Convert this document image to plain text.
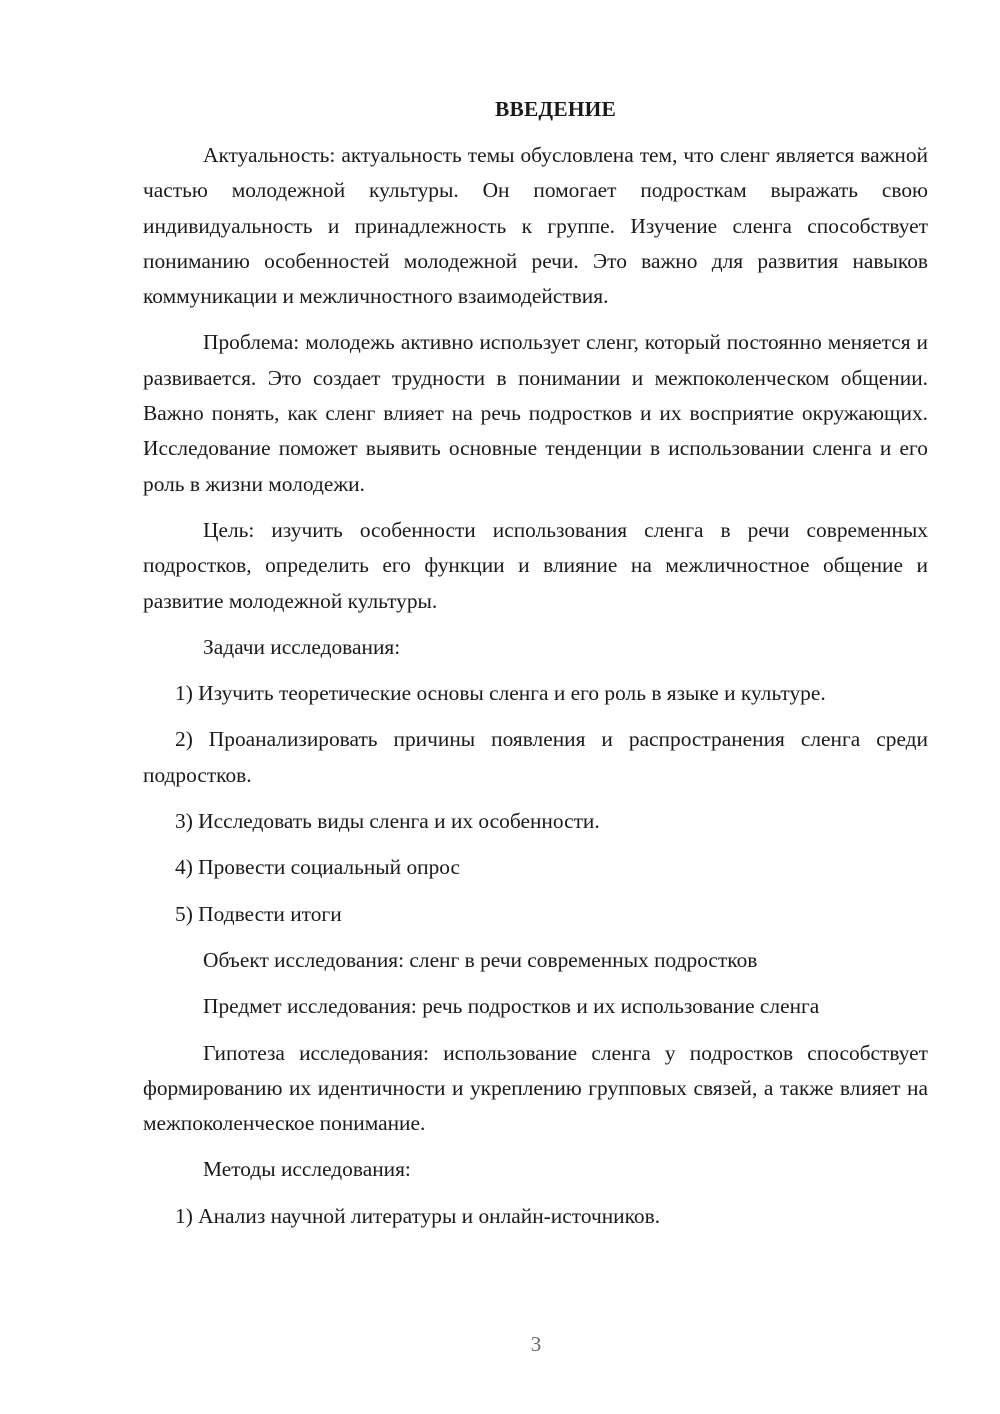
ВВЕДЕНИЕ

Актуальность: актуальность темы обусловлена тем, что сленг является важной частью молодежной культуры. Он помогает подросткам выражать свою индивидуальность и принадлежность к группе. Изучение сленга способствует пониманию особенностей молодежной речи. Это важно для развития навыков коммуникации и межличностного взаимодействия.

Проблема: молодежь активно использует сленг, который постоянно меняется и развивается. Это создает трудности в понимании и межпоколенческом общении. Важно понять, как сленг влияет на речь подростков и их восприятие окружающих. Исследование поможет выявить основные тенденции в использовании сленга и его роль в жизни молодежи.

Цель: изучить особенности использования сленга в речи современных подростков, определить его функции и влияние на межличностное общение и развитие молодежной культуры.

Задачи исследования:

1) Изучить теоретические основы сленга и его роль в языке и культуре.

2) Проанализировать причины появления и распространения сленга среди подростков.

3) Исследовать виды сленга и их особенности.

4) Провести социальный опрос

5) Подвести итоги

Объект исследования: сленг в речи современных подростков

Предмет исследования: речь подростков и их использование сленга

Гипотеза исследования: использование сленга у подростков способствует формированию их идентичности и укреплению групповых связей, а также влияет на межпоколенческое понимание.

Методы исследования:

1) Анализ научной литературы и онлайн-источников.

3
